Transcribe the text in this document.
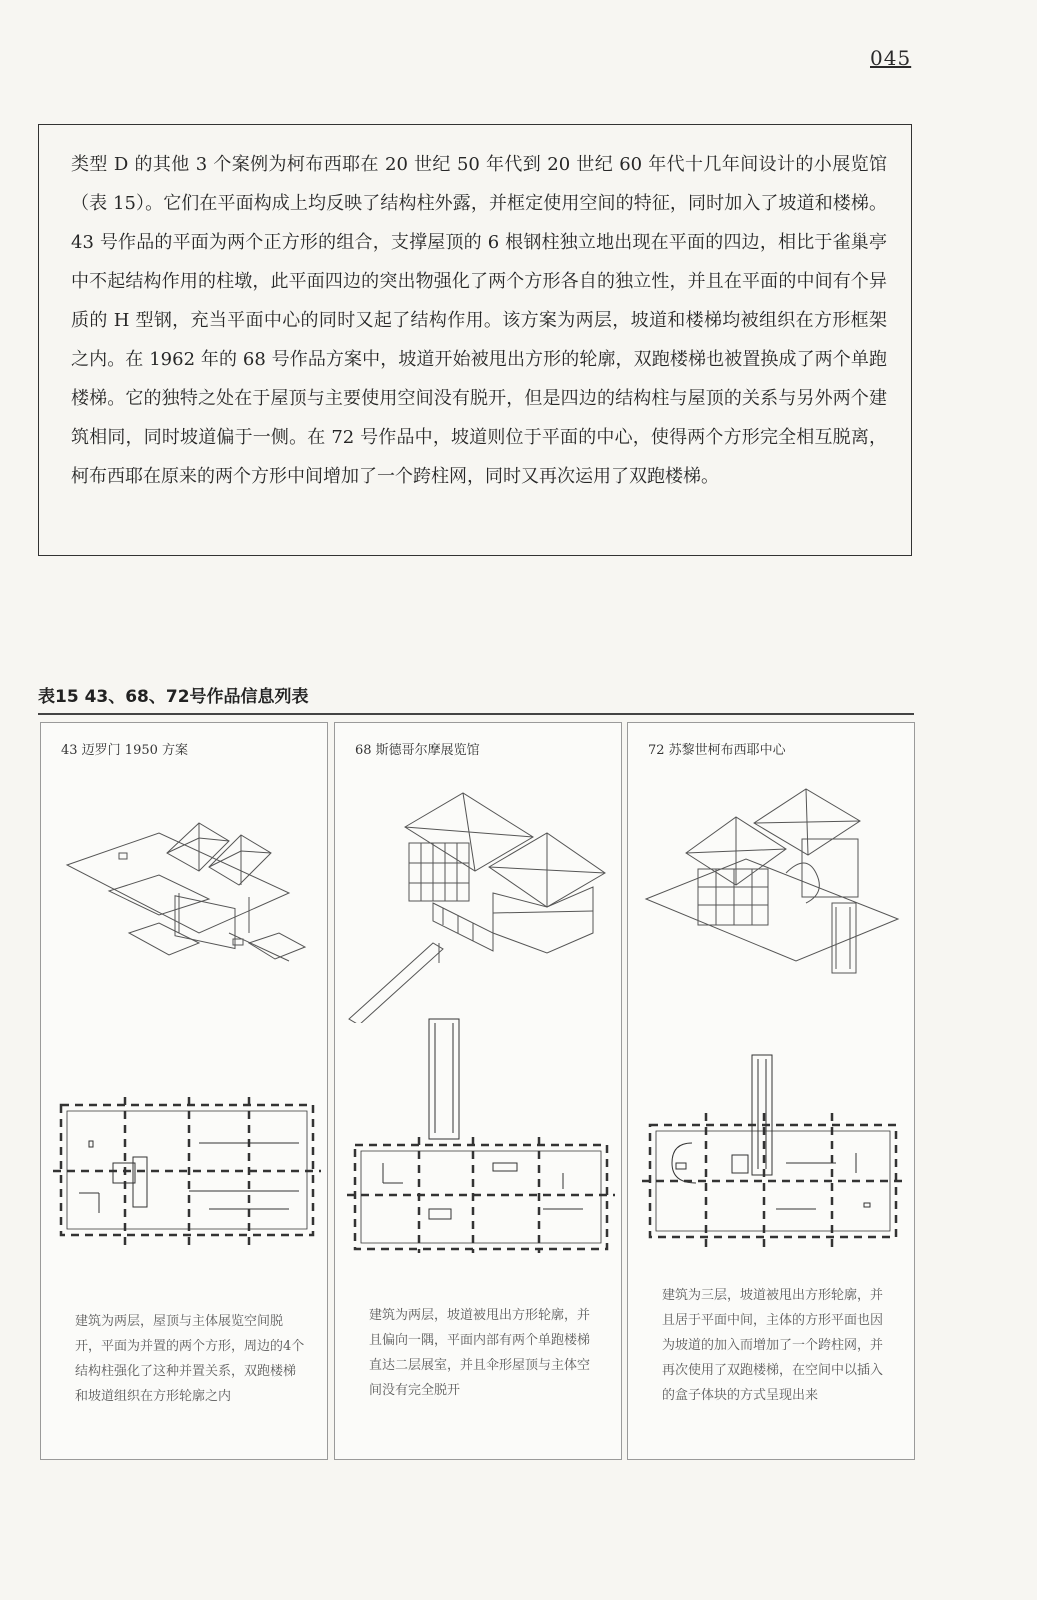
045

类型 D 的其他 3 个案例为柯布西耶在 20 世纪 50 年代到 20 世纪 60 年代十几年间设计的小展览馆（表 15）。它们在平面构成上均反映了结构柱外露，并框定使用空间的特征，同时加入了坡道和楼梯。43 号作品的平面为两个正方形的组合，支撑屋顶的 6 根钢柱独立地出现在平面的四边，相比于雀巢亭中不起结构作用的柱墩，此平面四边的突出物强化了两个方形各自的独立性，并且在平面的中间有个异质的 H 型钢，充当平面中心的同时又起了结构作用。该方案为两层，坡道和楼梯均被组织在方形框架之内。在 1962 年的 68 号作品方案中，坡道开始被甩出方形的轮廓，双跑楼梯也被置换成了两个单跑楼梯。它的独特之处在于屋顶与主要使用空间没有脱开，但是四边的结构柱与屋顶的关系与另外两个建筑相同，同时坡道偏于一侧。在 72 号作品中，坡道则位于平面的中心，使得两个方形完全相互脱离，柯布西耶在原来的两个方形中间增加了一个跨柱网，同时又再次运用了双跑楼梯。

表15 43、68、72号作品信息列表
43 迈罗门 1950 方案
建筑为两层，屋顶与主体展览空间脱开，平面为并置的两个方形，周边的4个结构柱强化了这种并置关系，双跑楼梯和坡道组织在方形轮廓之内
68 斯德哥尔摩展览馆
建筑为两层，坡道被甩出方形轮廓，并且偏向一隅，平面内部有两个单跑楼梯直达二层展室，并且伞形屋顶与主体空间没有完全脱开
72 苏黎世柯布西耶中心
建筑为三层，坡道被甩出方形轮廓，并且居于平面中间，主体的方形平面也因为坡道的加入而增加了一个跨柱网，并再次使用了双跑楼梯，在空间中以插入的盒子体块的方式呈现出来
